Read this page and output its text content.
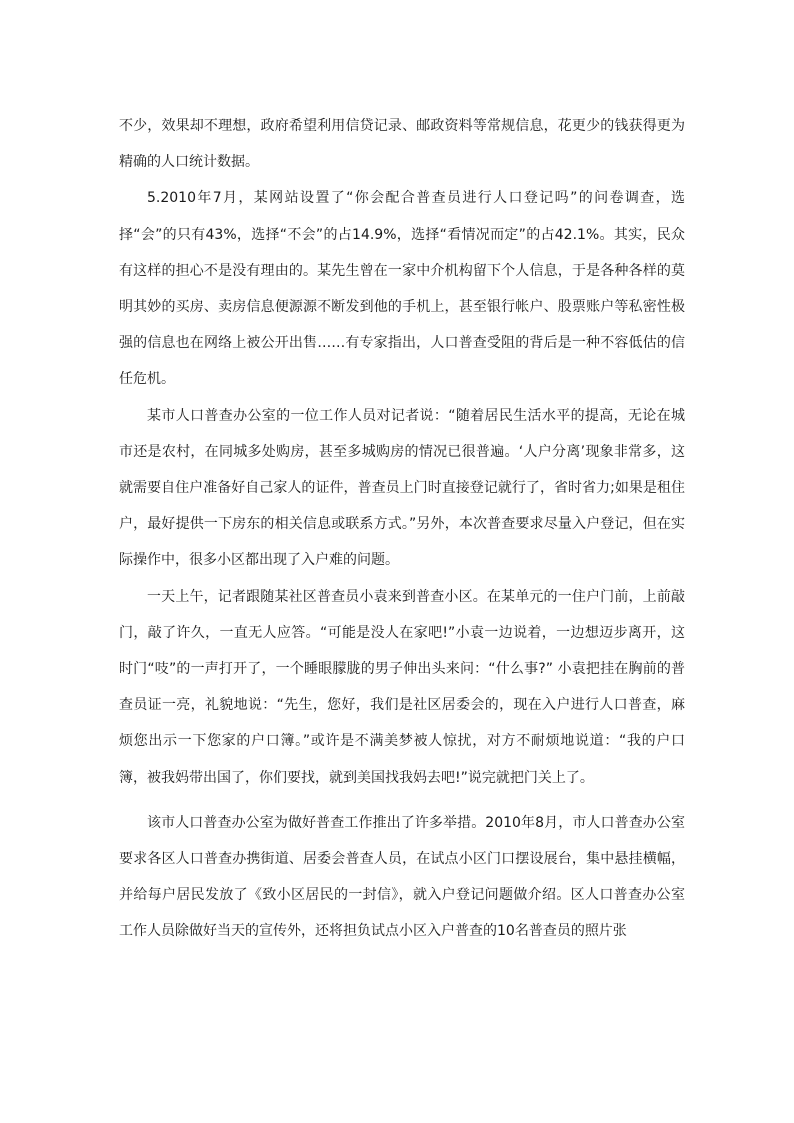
不少，效果却不理想，政府希望利用信贷记录、邮政资料等常规信息，花更少的钱获得更为精确的人口统计数据。

5.2010年7月，某网站设置了“你会配合普查员进行人口登记吗”的问卷调查，选择“会”的只有43%，选择“不会”的占14.9%，选择“看情况而定”的占42.1%。其实，民众有这样的担心不是没有理由的。某先生曾在一家中介机构留下个人信息，于是各种各样的莫明其妙的买房、卖房信息便源源不断发到他的手机上，甚至银行帐户、股票账户等私密性极强的信息也在网络上被公开出售……有专家指出，人口普查受阻的背后是一种不容低估的信任危机。

某市人口普查办公室的一位工作人员对记者说：“随着居民生活水平的提高，无论在城市还是农村，在同城多处购房，甚至多城购房的情况已很普遍。‘人户分离’现象非常多，这就需要自住户准备好自己家人的证件，普查员上门时直接登记就行了，省时省力;如果是租住户，最好提供一下房东的相关信息或联系方式。”另外，本次普查要求尽量入户登记，但在实际操作中，很多小区都出现了入户难的问题。

一天上午，记者跟随某社区普查员小袁来到普查小区。在某单元的一住户门前，上前敲门，敲了许久，一直无人应答。“可能是没人在家吧!”小袁一边说着，一边想迈步离开，这时门“吱”的一声打开了，一个睡眼朦胧的男子伸出头来问：“什么事?” 小袁把挂在胸前的普查员证一亮，礼貌地说：“先生，您好，我们是社区居委会的，现在入户进行人口普查，麻烦您出示一下您家的户口簿。”或许是不满美梦被人惊扰，对方不耐烦地说道：“我的户口簿，被我妈带出国了，你们要找，就到美国找我妈去吧!”说完就把门关上了。

该市人口普查办公室为做好普查工作推出了许多举措。2010年8月，市人口普查办公室要求各区人口普查办携街道、居委会普查人员，在试点小区门口摆设展台，集中悬挂横幅，并给每户居民发放了《致小区居民的一封信》，就入户登记问题做介绍。区人口普查办公室工作人员除做好当天的宣传外，还将担负试点小区入户普查的10名普查员的照片张
